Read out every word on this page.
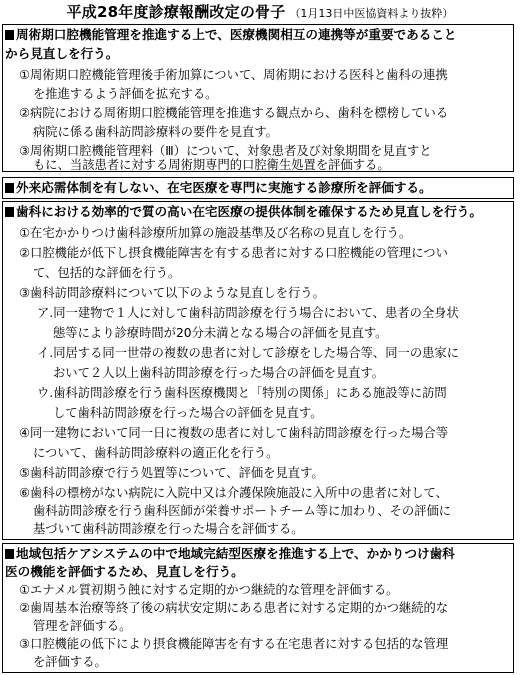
平成28年度診療報酬改定の骨子 （1月13日中医協資料より抜粋）
周術期口腔機能管理を推進する上で、医療機関相互の連携等が重要であること
から見直しを行う。
①周術期口腔機能管理後手術加算について、周術期における医科と歯科の連携
を推進するよう評価を拡充する。
②病院における周術期口腔機能管理を推進する観点から、歯科を標榜している
病院に係る歯科訪問診療料の要件を見直す。
③周術期口腔機能管理料（Ⅲ）について、対象患者及び対象期間を見直すと
もに、当該患者に対する周術期専門的口腔衛生処置を評価する。
外来応需体制を有しない、在宅医療を専門に実施する診療所を評価する。
歯科における効率的で質の高い在宅医療の提供体制を確保するため見直しを行う。
①在宅かかりつけ歯科診療所加算の施設基準及び名称の見直しを行う。
②口腔機能が低下し摂食機能障害を有する患者に対する口腔機能の管理につい
て、包括的な評価を行う。
③歯科訪問診療料について以下のような見直しを行う。
ア.同一建物で１人に対して歯科訪問診療を行う場合において、患者の全身状
態等により診療時間が20分未満となる場合の評価を見直す。
イ.同居する同一世帯の複数の患者に対して診療をした場合等、同一の患家に
おいて２人以上歯科訪問診療を行った場合の評価を見直す。
ウ.歯科訪問診療を行う歯科医療機関と「特別の関係」にある施設等に訪問
して歯科訪問診療を行った場合の評価を見直す。
④同一建物において同一日に複数の患者に対して歯科訪問診療を行った場合等
について、歯科訪問診療料の適正化を行う。
⑤歯科訪問診療で行う処置等について、評価を見直す。
⑥歯科の標榜がない病院に入院中又は介護保険施設に入所中の患者に対して、
歯科訪問診療を行う歯科医師が栄養サポートチーム等に加わり、その評価に
基づいて歯科訪問診療を行った場合を評価する。
地域包括ケアシステムの中で地域完結型医療を推進する上で、かかりつけ歯科
医の機能を評価するため、見直しを行う。
①エナメル質初期う蝕に対する定期的かつ継続的な管理を評価する。
②歯周基本治療等終了後の病状安定期にある患者に対する定期的かつ継続的な
管理を評価する。
③口腔機能の低下により摂食機能障害を有する在宅患者に対する包括的な管理
を評価する。
